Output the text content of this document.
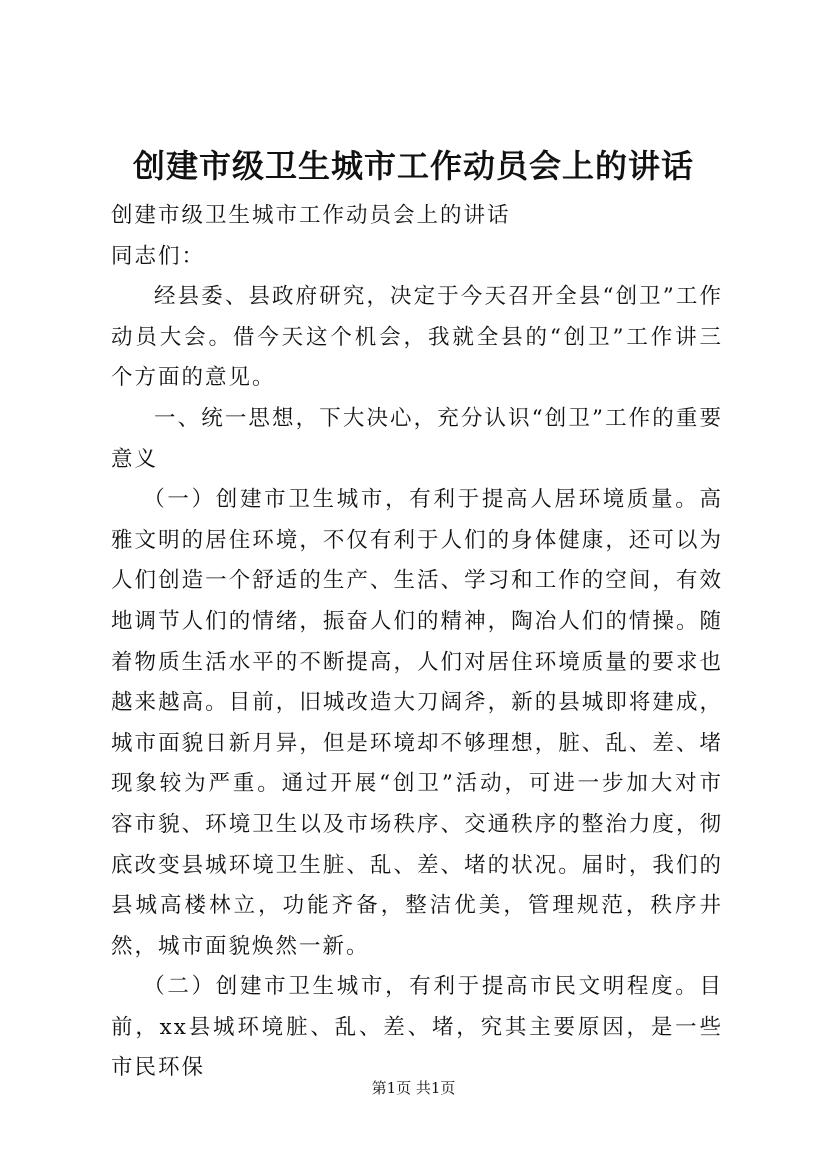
创建市级卫生城市工作动员会上的讲话

创建市级卫生城市工作动员会上的讲话

同志们：

经县委、县政府研究，决定于今天召开全县“创卫”工作动员大会。借今天这个机会，我就全县的“创卫”工作讲三个方面的意见。

一、统一思想，下大决心，充分认识“创卫”工作的重要意义

（一）创建市卫生城市，有利于提高人居环境质量。高雅文明的居住环境，不仅有利于人们的身体健康，还可以为人们创造一个舒适的生产、生活、学习和工作的空间，有效地调节人们的情绪，振奋人们的精神，陶冶人们的情操。随着物质生活水平的不断提高，人们对居住环境质量的要求也越来越高。目前，旧城改造大刀阔斧，新的县城即将建成，城市面貌日新月异，但是环境却不够理想，脏、乱、差、堵现象较为严重。通过开展“创卫”活动，可进一步加大对市容市貌、环境卫生以及市场秩序、交通秩序的整治力度，彻底改变县城环境卫生脏、乱、差、堵的状况。届时，我们的县城高楼林立，功能齐备，整洁优美，管理规范，秩序井然，城市面貌焕然一新。

（二）创建市卫生城市，有利于提高市民文明程度。目前，xx县城环境脏、乱、差、堵，究其主要原因，是一些市民环保

第1页 共1页
